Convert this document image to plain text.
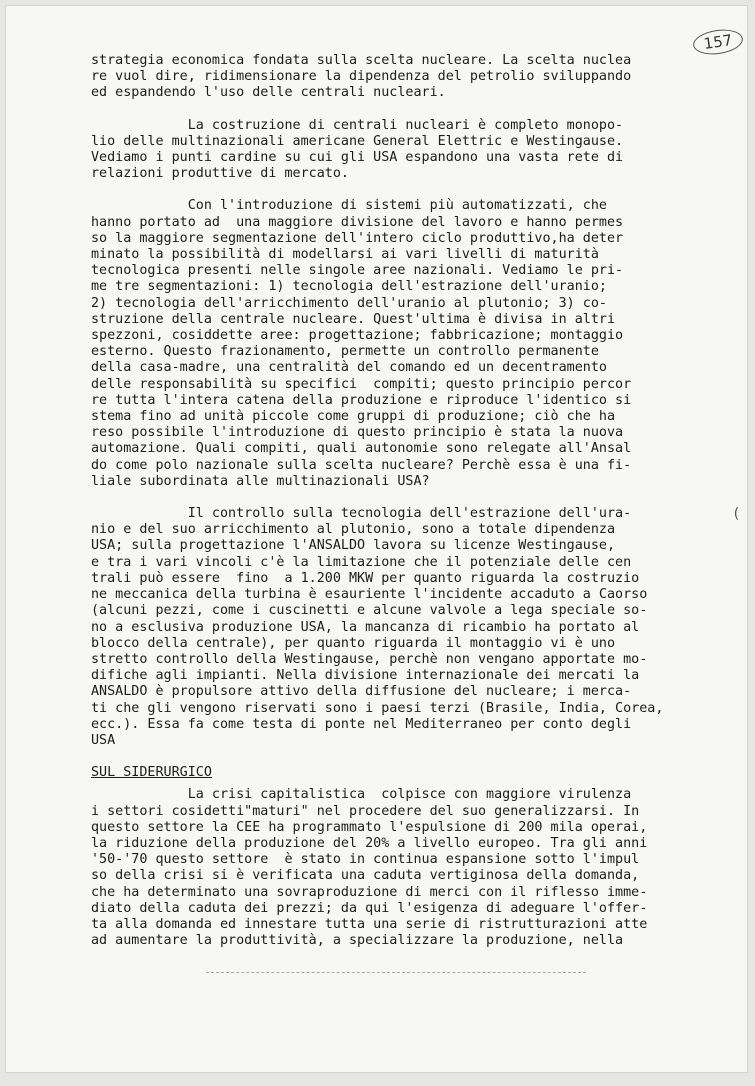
157
strategia economica fondata sulla scelta nucleare. La scelta nuclea
re vuol dire, ridimensionare la dipendenza del petrolio sviluppando
ed espandendo l'uso delle centrali nucleari.
La costruzione di centrali nucleari è completo monopo-
lio delle multinazionali americane General Elettric e Westingause.
Vediamo i punti cardine su cui gli USA espandono una vasta rete di
relazioni produttive di mercato.
Con l'introduzione di sistemi più automatizzati, che
hanno portato ad  una maggiore divisione del lavoro e hanno permes
so la maggiore segmentazione dell'intero ciclo produttivo,ha deter
minato la possibilità di modellarsi ai vari livelli di maturità
tecnologica presenti nelle singole aree nazionali. Vediamo le pri-
me tre segmentazioni: 1) tecnologia dell'estrazione dell'uranio;
2) tecnologia dell'arricchimento dell'uranio al plutonio; 3) co-
struzione della centrale nucleare. Quest'ultima è divisa in altri
spezzoni, cosiddette aree: progettazione; fabbricazione; montaggio
esterno. Questo frazionamento, permette un controllo permanente
della casa-madre, una centralità del comando ed un decentramento
delle responsabilità su specifici  compiti; questo principio percor
re tutta l'intera catena della produzione e riproduce l'identico si
stema fino ad unità piccole come gruppi di produzione; ciò che ha
reso possibile l'introduzione di questo principio è stata la nuova
automazione. Quali compiti, quali autonomie sono relegate all'Ansal
do come polo nazionale sulla scelta nucleare? Perchè essa è una fi-
liale subordinata alle multinazionali USA?
Il controllo sulla tecnologia dell'estrazione dell'ura-
nio e del suo arricchimento al plutonio, sono a totale dipendenza
USA; sulla progettazione l'ANSALDO lavora su licenze Westingause,
e tra i vari vincoli c'è la limitazione che il potenziale delle cen
trali può essere  fino  a 1.200 MKW per quanto riguarda la costruzio
ne meccanica della turbina è esauriente l'incidente accaduto a Caorso
(alcuni pezzi, come i cuscinetti e alcune valvole a lega speciale so-
no a esclusiva produzione USA, la mancanza di ricambio ha portato al
blocco della centrale), per quanto riguarda il montaggio vi è uno
stretto controllo della Westingause, perchè non vengano apportate mo-
difiche agli impianti. Nella divisione internazionale dei mercati la
ANSALDO è propulsore attivo della diffusione del nucleare; i merca-
ti che gli vengono riservati sono i paesi terzi (Brasile, India, Corea,
ecc.). Essa fa come testa di ponte nel Mediterraneo per conto degli
USA
SUL SIDERURGICO
La crisi capitalistica  colpisce con maggiore virulenza
i settori cosidetti"maturi" nel procedere del suo generalizzarsi. In
questo settore la CEE ha programmato l'espulsione di 200 mila operai,
la riduzione della produzione del 20% a livello europeo. Tra gli anni
'50-'70 questo settore  è stato in continua espansione sotto l'impul
so della crisi si è verificata una caduta vertiginosa della domanda,
che ha determinato una sovraproduzione di merci con il riflesso imme-
diato della caduta dei prezzi; da qui l'esigenza di adeguare l'offer-
ta alla domanda ed innestare tutta una serie di ristrutturazioni atte
ad aumentare la produttività, a specializzare la produzione, nella
(
